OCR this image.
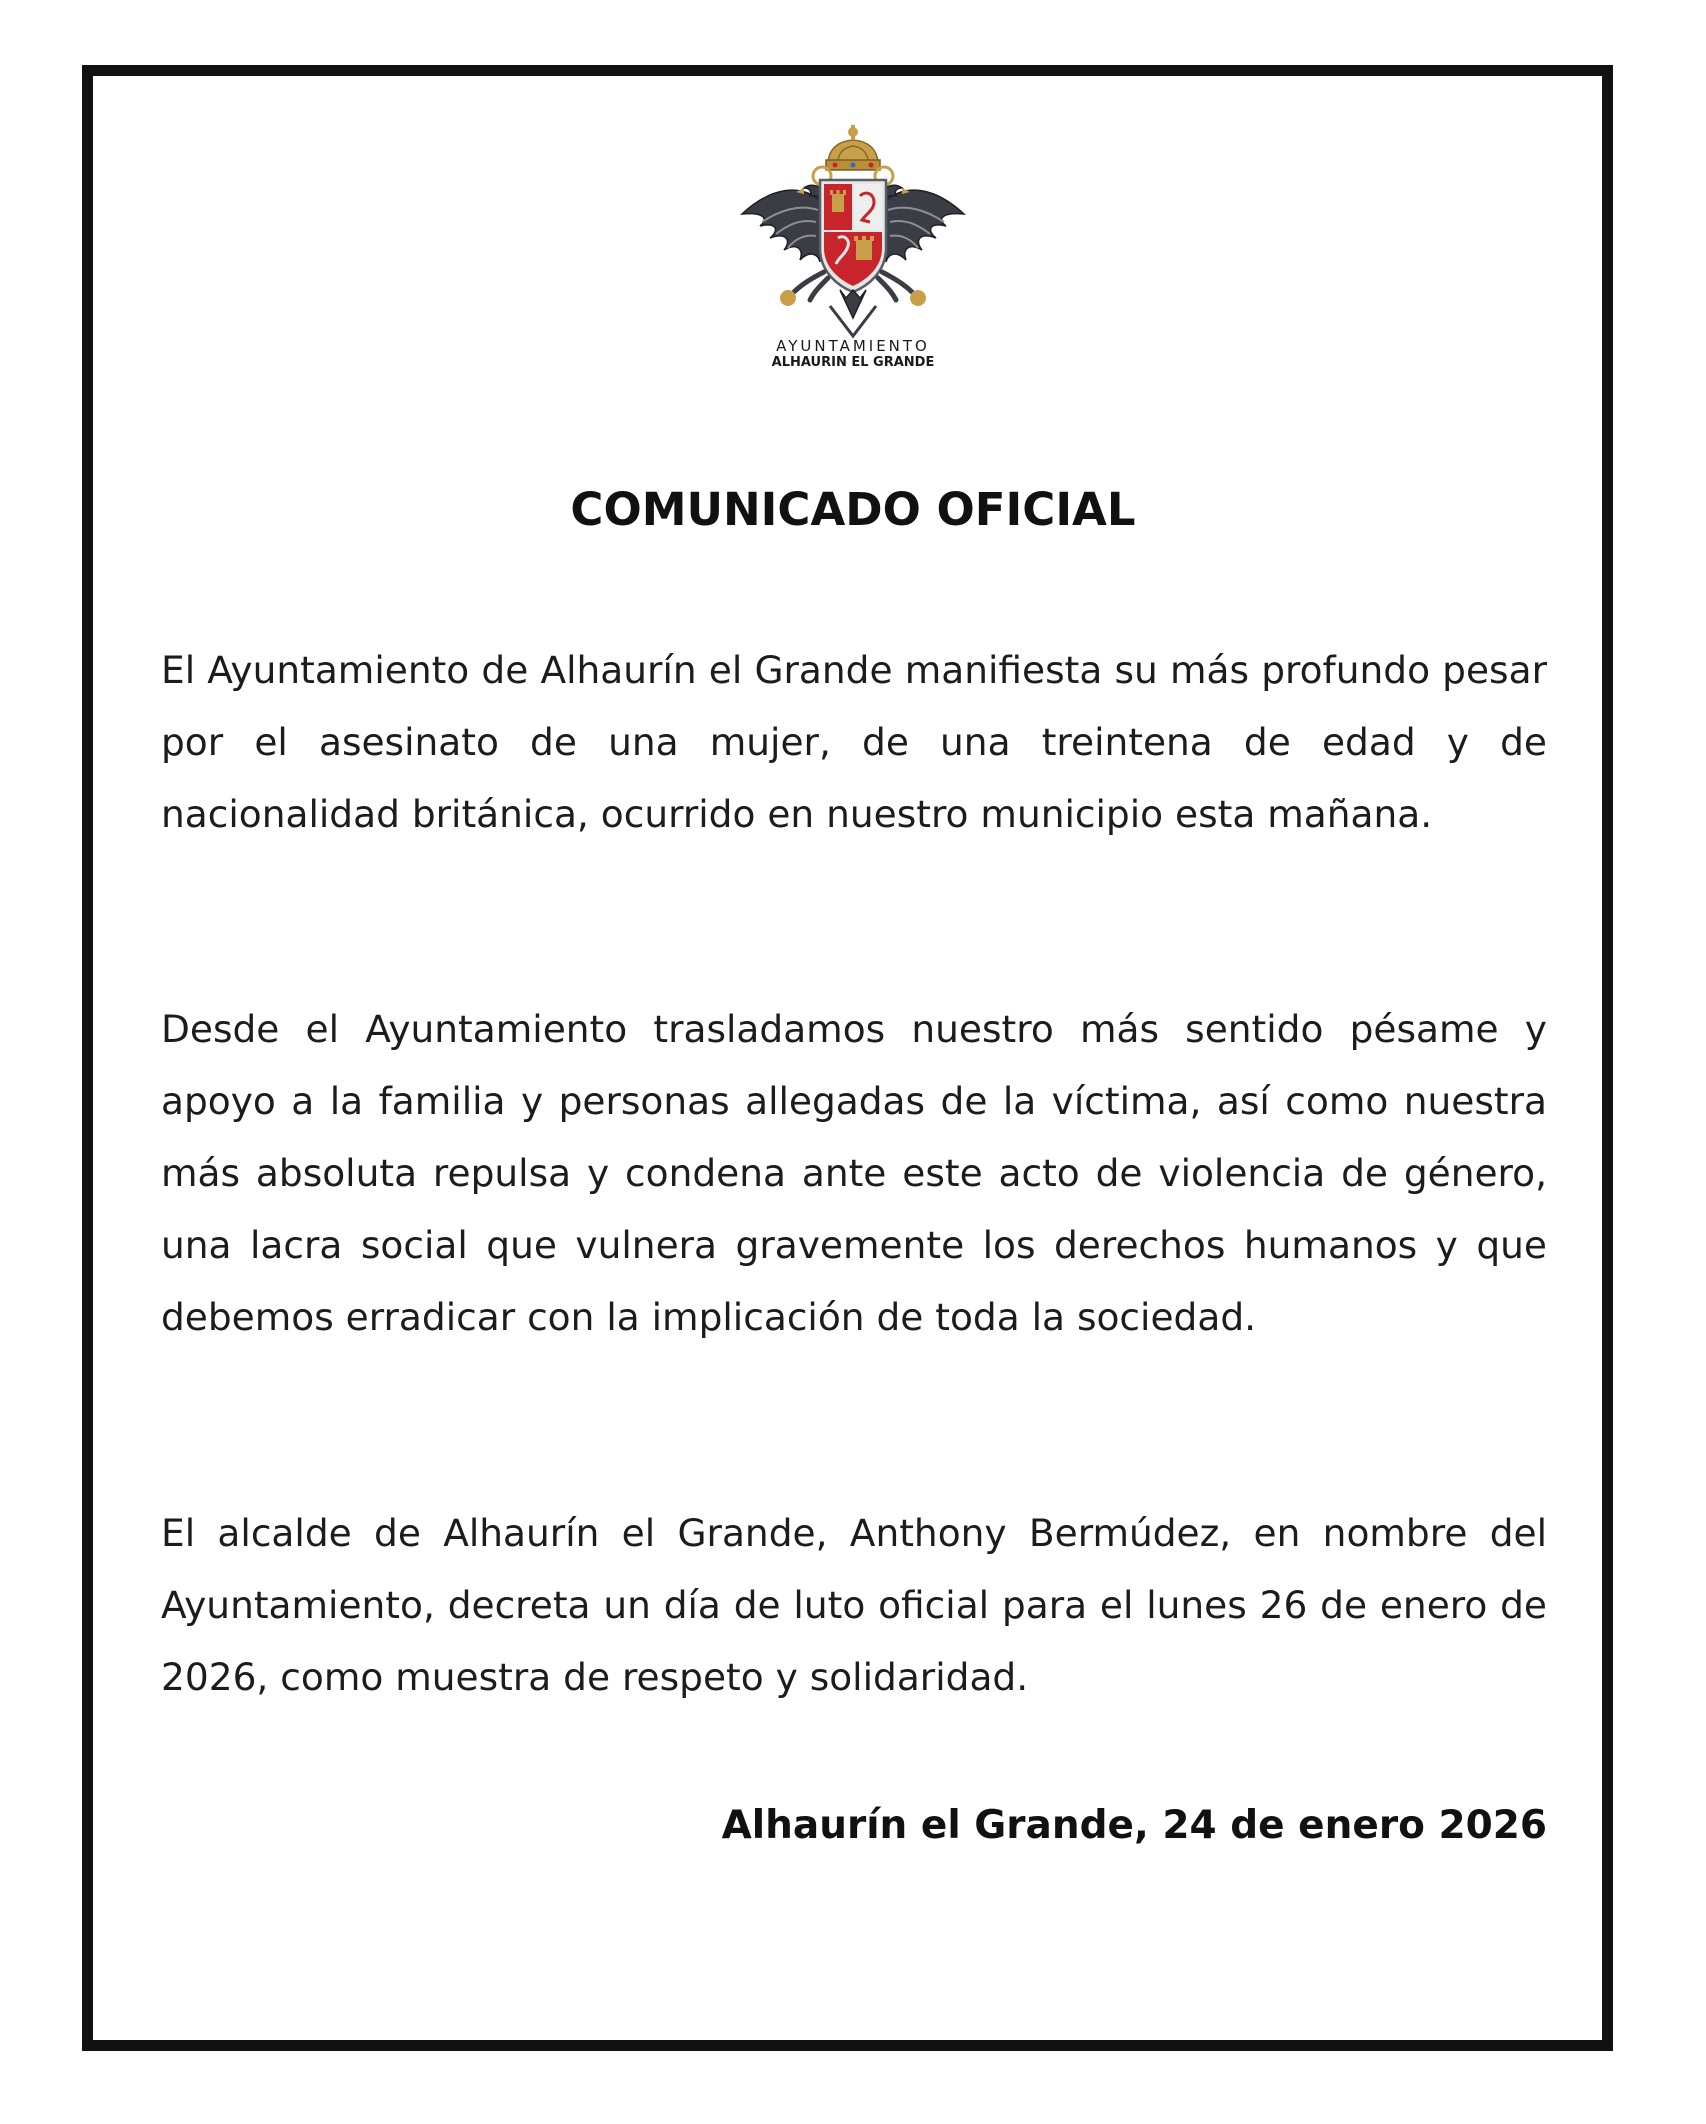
AYUNTAMIENTO
ALHAURIN EL GRANDE
COMUNICADO OFICIAL

El Ayuntamiento de Alhaurín el Grande manifiesta su más profundo pesar por el asesinato de una mujer, de una treintena de edad y de nacionalidad británica, ocurrido en nuestro municipio esta mañana.

Desde el Ayuntamiento trasladamos nuestro más sentido pésame y apoyo a la familia y personas allegadas de la víctima, así como nuestra más absoluta repulsa y condena ante este acto de violencia de género, una lacra social que vulnera gravemente los derechos humanos y que debemos erradicar con la implicación de toda la sociedad.

El alcalde de Alhaurín el Grande, Anthony Bermúdez, en nombre del Ayuntamiento, decreta un día de luto oficial para el lunes 26 de enero de 2026, como muestra de respeto y solidaridad.

Alhaurín el Grande, 24 de enero 2026
